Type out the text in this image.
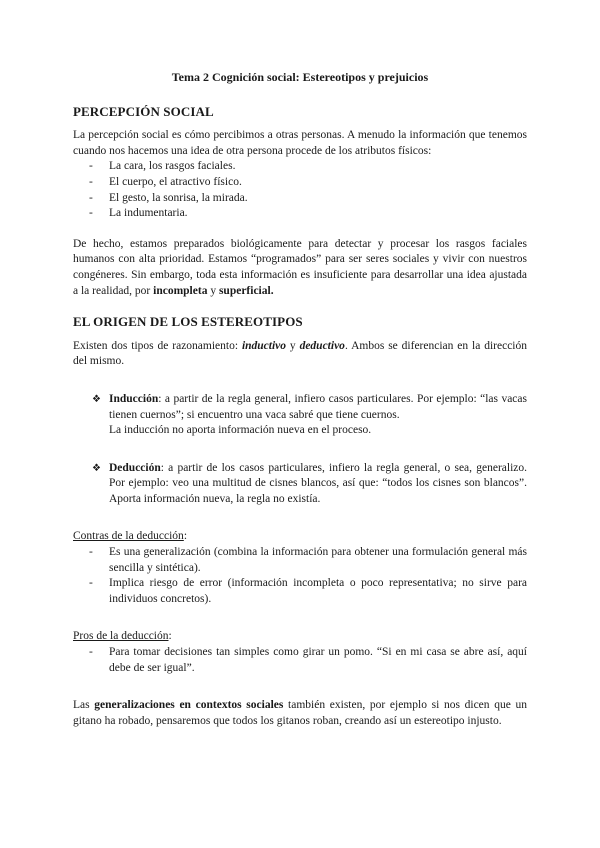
Tema 2 Cognición social: Estereotipos y prejuicios
PERCEPCIÓN SOCIAL
La percepción social es cómo percibimos a otras personas. A menudo la información que tenemos cuando nos hacemos una idea de otra persona procede de los atributos físicos:
- La cara, los rasgos faciales.
- El cuerpo, el atractivo físico.
- El gesto, la sonrisa, la mirada.
- La indumentaria.
De hecho, estamos preparados biológicamente para detectar y procesar los rasgos faciales humanos con alta prioridad. Estamos “programados” para ser seres sociales y vivir con nuestros congéneres. Sin embargo, toda esta información es insuficiente para desarrollar una idea ajustada a la realidad, por incompleta y superficial.
EL ORIGEN DE LOS ESTEREOTIPOS
Existen dos tipos de razonamiento: inductivo y deductivo. Ambos se diferencian en la dirección del mismo.
❖ Inducción: a partir de la regla general, infiero casos particulares. Por ejemplo: “las vacas tienen cuernos”; si encuentro una vaca sabré que tiene cuernos.
La inducción no aporta información nueva en el proceso.
❖ Deducción: a partir de los casos particulares, infiero la regla general, o sea, generalizo. Por ejemplo: veo una multitud de cisnes blancos, así que: “todos los cisnes son blancos”. Aporta información nueva, la regla no existía.
Contras de la deducción:
- Es una generalización (combina la información para obtener una formulación general más sencilla y sintética).
- Implica riesgo de error (información incompleta o poco representativa; no sirve para individuos concretos).
Pros de la deducción:
- Para tomar decisiones tan simples como girar un pomo. “Si en mi casa se abre así, aquí debe de ser igual”.
Las generalizaciones en contextos sociales también existen, por ejemplo si nos dicen que un gitano ha robado, pensaremos que todos los gitanos roban, creando así un estereotipo injusto.
